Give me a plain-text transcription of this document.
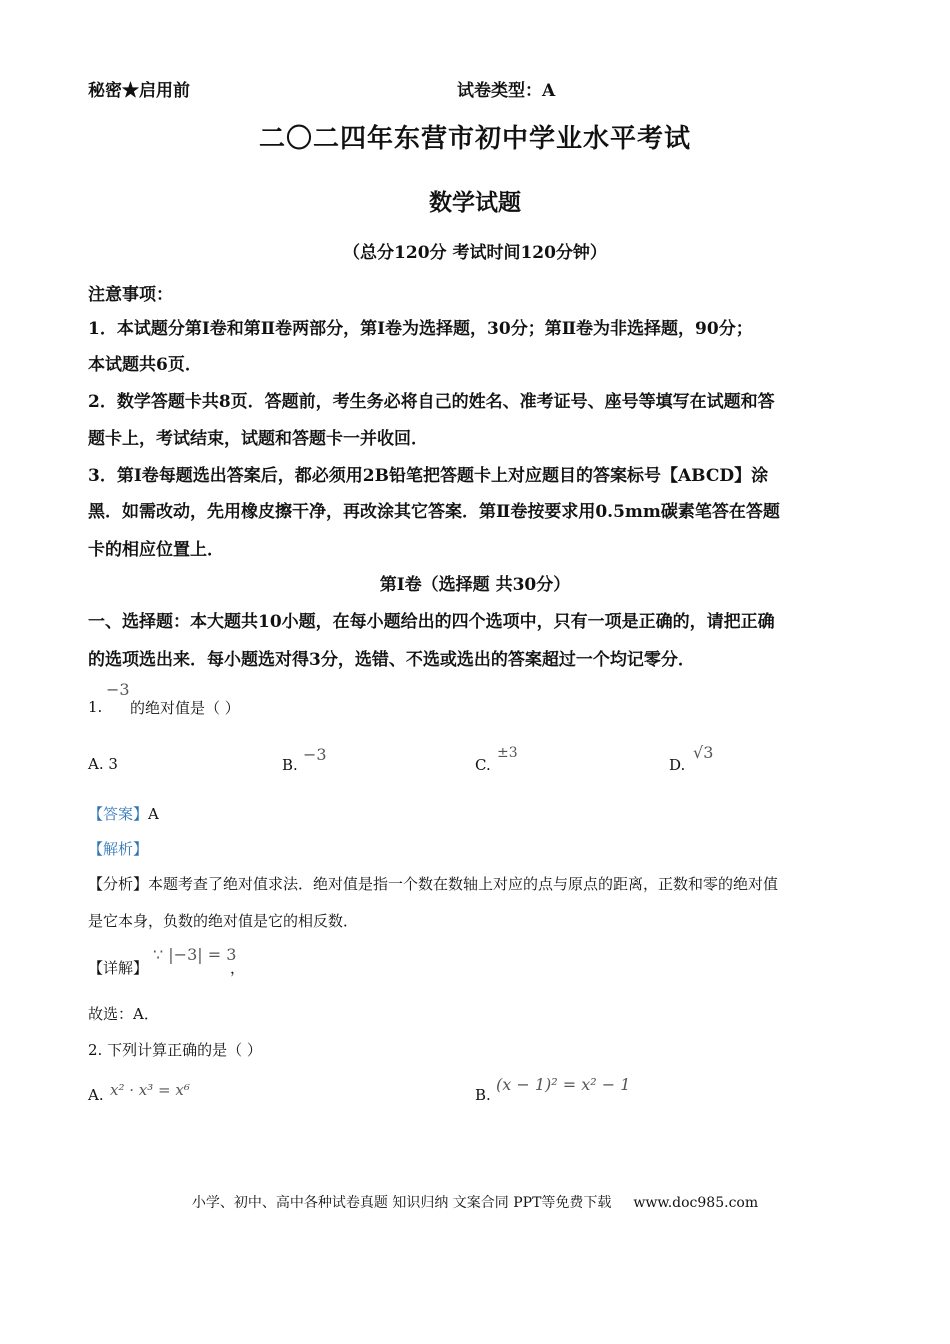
秘密★启用前	试卷类型：A
二〇二四年东营市初中学业水平考试
数学试题
（总分120分 考试时间120分钟）
注意事项：
1．本试题分第Ⅰ卷和第Ⅱ卷两部分，第Ⅰ卷为选择题，30分；第Ⅱ卷为非选择题，90分；
本试题共6页．
2．数学答题卡共8页．答题前，考生务必将自己的姓名、准考证号、座号等填写在试题和答
题卡上，考试结束，试题和答题卡一并收回．
3．第Ⅰ卷每题选出答案后，都必须用2B铅笔把答题卡上对应题目的答案标号【ABCD】涂
黑．如需改动，先用橡皮擦干净，再改涂其它答案．第Ⅱ卷按要求用0.5mm碳素笔答在答题
卡的相应位置上．
第Ⅰ卷（选择题 共30分）
一、选择题：本大题共10小题，在每小题给出的四个选项中，只有一项是正确的，请把正确
的选项选出来．每小题选对得3分，选错、不选或选出的答案超过一个均记零分．
1.
−3
的绝对值是（ ）
A. 3	B.
−3
C.
±3
D.
√3
【答案】A
【解析】
【分析】本题考查了绝对值求法．绝对值是指一个数在数轴上对应的点与原点的距离，正数和零的绝对值
是它本身，负数的绝对值是它的相反数．
【详解】
∵ |−3| = 3
，
故选：A．
2. 下列计算正确的是（ ）
A. x² · x³ = x⁶	B.
(x − 1)² = x² − 1
小学、初中、高中各种试卷真题 知识归纳 文案合同 PPT等免费下载 www.doc985.com
